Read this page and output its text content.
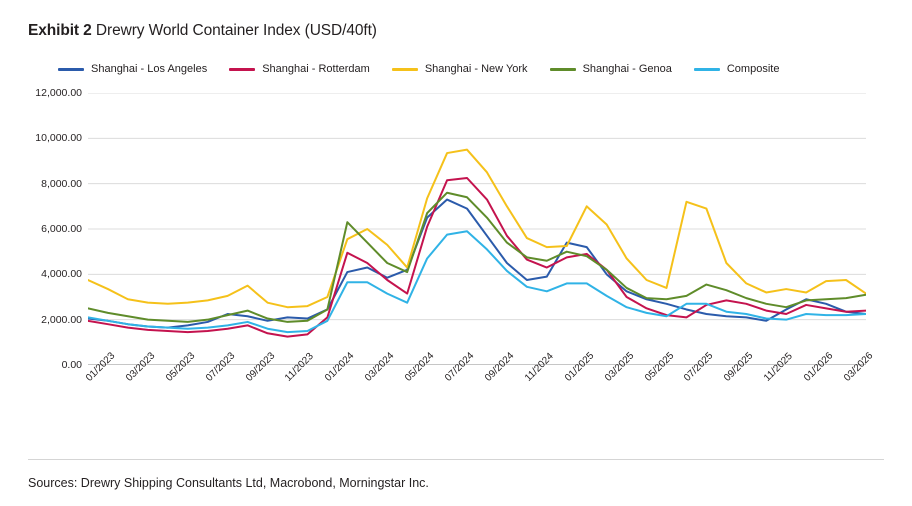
Exhibit 2 Drewry World Container Index (USD/40ft)
Shanghai - Los Angeles	Shanghai - Rotterdam	Shanghai - New York	Shanghai - Genoa	Composite
0.00
2,000.00
4,000.00
6,000.00
8,000.00
10,000.00
12,000.00
01/2023 03/2023 05/2023 07/2023 09/2023 11/2023 01/2024 03/2024 05/2024 07/2024 09/2024 11/2024 01/2025 03/2025 05/2025 07/2025 09/2025 11/2025 01/2026 03/2026
Sources: Drewry Shipping Consultants Ltd, Macrobond, Morningstar Inc.
